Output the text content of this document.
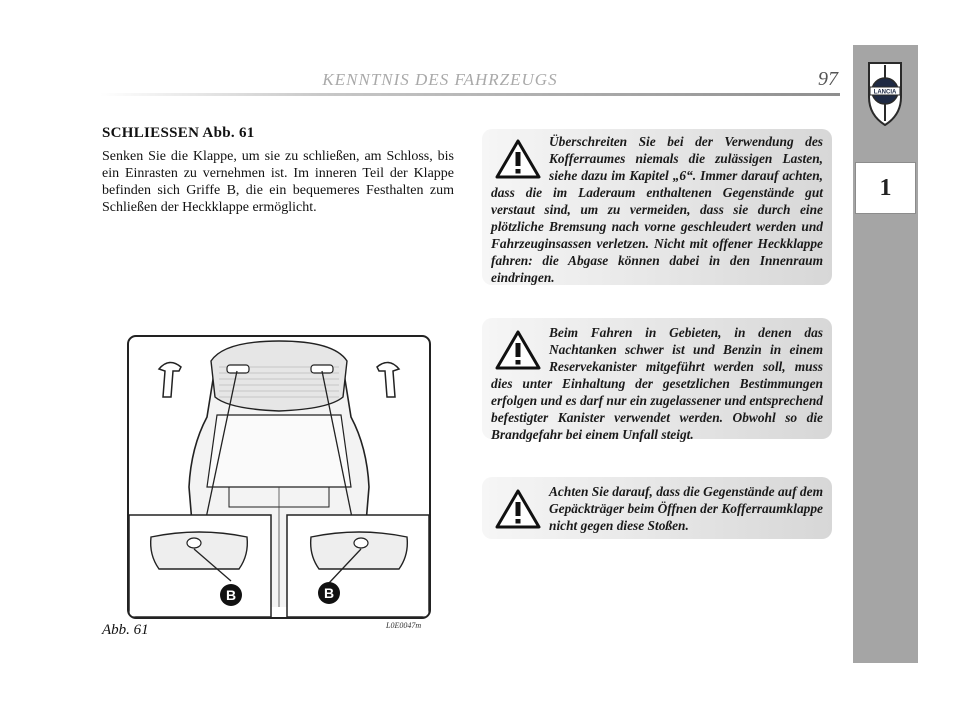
KENNTNIS DES FAHRZEUGS	97
LANCIA
1
SCHLIESSEN Abb. 61
Senken Sie die Klappe, um sie zu schließen, am Schloss, bis ein Einrasten zu vernehmen ist. Im inneren Teil der Klappe befinden sich Griffe B, die ein bequemeres Festhalten zum Schließen der Heckklappe ermöglicht.
B	B
Abb. 61	L0E0047m
Überschreiten Sie bei der Verwendung des Kofferraumes niemals die zulässigen Lasten, siehe dazu im Kapitel „6“. Immer darauf achten, dass die im Laderaum enthaltenen Gegenstände gut verstaut sind, um zu vermeiden, dass sie durch eine plötzliche Bremsung nach vorne geschleudert werden und Fahrzeuginsassen verletzen. Nicht mit offener Heckklappe fahren: die Abgase können dabei in den Innenraum eindringen.
Beim Fahren in Gebieten, in denen das Nachtanken schwer ist und Benzin in einem Reservekanister mitgeführt werden soll, muss dies unter Einhaltung der gesetzlichen Bestimmungen erfolgen und es darf nur ein zugelassener und entsprechend befestigter Kanister verwendet werden. Obwohl so die Brandgefahr bei einem Unfall steigt.
Achten Sie darauf, dass die Gegenstände auf dem Gepäckträger beim Öffnen der Kofferraumklappe nicht gegen diese Stoßen.
